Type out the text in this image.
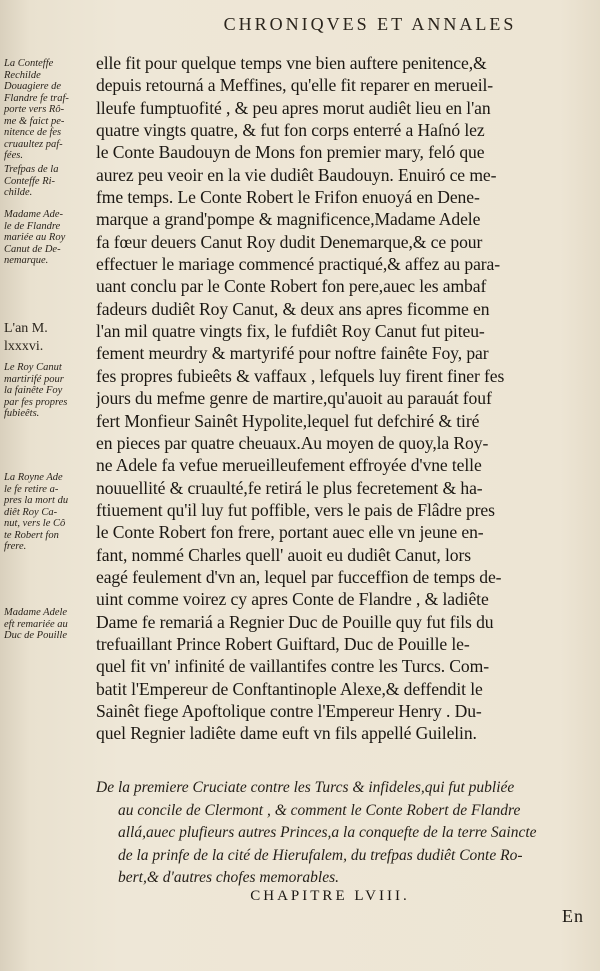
CHRONIQVES ET ANNALES
La Conteffe
Rechilde
Douagiere de
Flandre fe traf-
porte vers Rô-
me & faict pe-
nitence de fes
cruaultez paf-
fées.
Trefpas de la
Conteffe Ri-
childe.
Madame Ade-
le de Flandre
mariée au Roy
Canut de De-
nemarque.
L'an M.
lxxxvi.
Le Roy Canut
martirifé pour
la fainête Foy
par fes propres
fubieêts.
La Royne Ade
le fe retire a-
pres la mort du
diêt Roy Ca-
nut, vers le Cô
te Robert fon
frere.
Madame Adele
eft remariée au
Duc de Pouille
elle fit pour quelque temps vne bien auftere penitence,&
depuis retourná a Meffines, qu'elle fit reparer en merueil-
lleufe fumptuofité , & peu apres morut audiêt lieu en l'an
quatre vingts quatre, & fut fon corps enterré a Haſnó lez
le Conte Baudouyn de Mons fon premier mary, feló que
aurez peu veoir en la vie dudiêt Baudouyn. Enuiró ce me-
fme temps. Le Conte Robert le Frifon enuoyá en Dene-
marque a grand'pompe & magnificence,Madame Adele
fa fœur deuers Canut Roy dudit Denemarque,& ce pour
effectuer le mariage commencé practiqué,& affez au para-
uant conclu par le Conte Robert fon pere,auec les ambaf
fadeurs dudiêt Roy Canut, & deux ans apres ficomme en
l'an mil quatre vingts fix, le fufdiêt Roy Canut fut piteu-
fement meurdry & martyrifé pour noftre fainête Foy, par
fes propres fubieêts & vaffaux , lefquels luy firent finer fes
jours du mefme genre de martire,qu'auoit au parauát fouf
fert Monfieur Sainêt Hypolite,lequel fut defchiré & tiré
en pieces par quatre cheuaux.Au moyen de quoy,la Roy-
ne Adele fa vefue merueilleufement effroyée d'vne telle
nouuellité & cruaulté,fe retirá le plus fecretement & ha-
ftiuement qu'il luy fut poffible, vers le pais de Flâdre pres
le Conte Robert fon frere, portant auec elle vn jeune en-
fant, nommé Charles quell' auoit eu dudiêt Canut, lors
eagé feulement d'vn an, lequel par fucceffion de temps de-
uint comme voirez cy apres Conte de Flandre , & ladiête
Dame fe remariá a Regnier Duc de Pouille quy fut fils du
trefuaillant Prince Robert Guiftard, Duc de Pouille le-
quel fit vn' infinité de vaillantifes contre les Turcs. Com-
batit l'Empereur de Conftantinople Alexe,& deffendit le
Sainêt fiege Apoftolique contre l'Empereur Henry . Du-
quel Regnier ladiête dame euft vn fils appellé Guilelin.
De la premiere Cruciate contre les Turcs & infideles,qui fut publiée
au concile de Clermont , & comment le Conte Robert de Flandre
allá,auec plufieurs autres Princes,a la conquefte de la terre Saincte
de la prinfe de la cité de Hierufalem, du trefpas dudiêt Conte Ro-
bert,& d'autres chofes memorables.
CHAPITRE LVIII.
En
